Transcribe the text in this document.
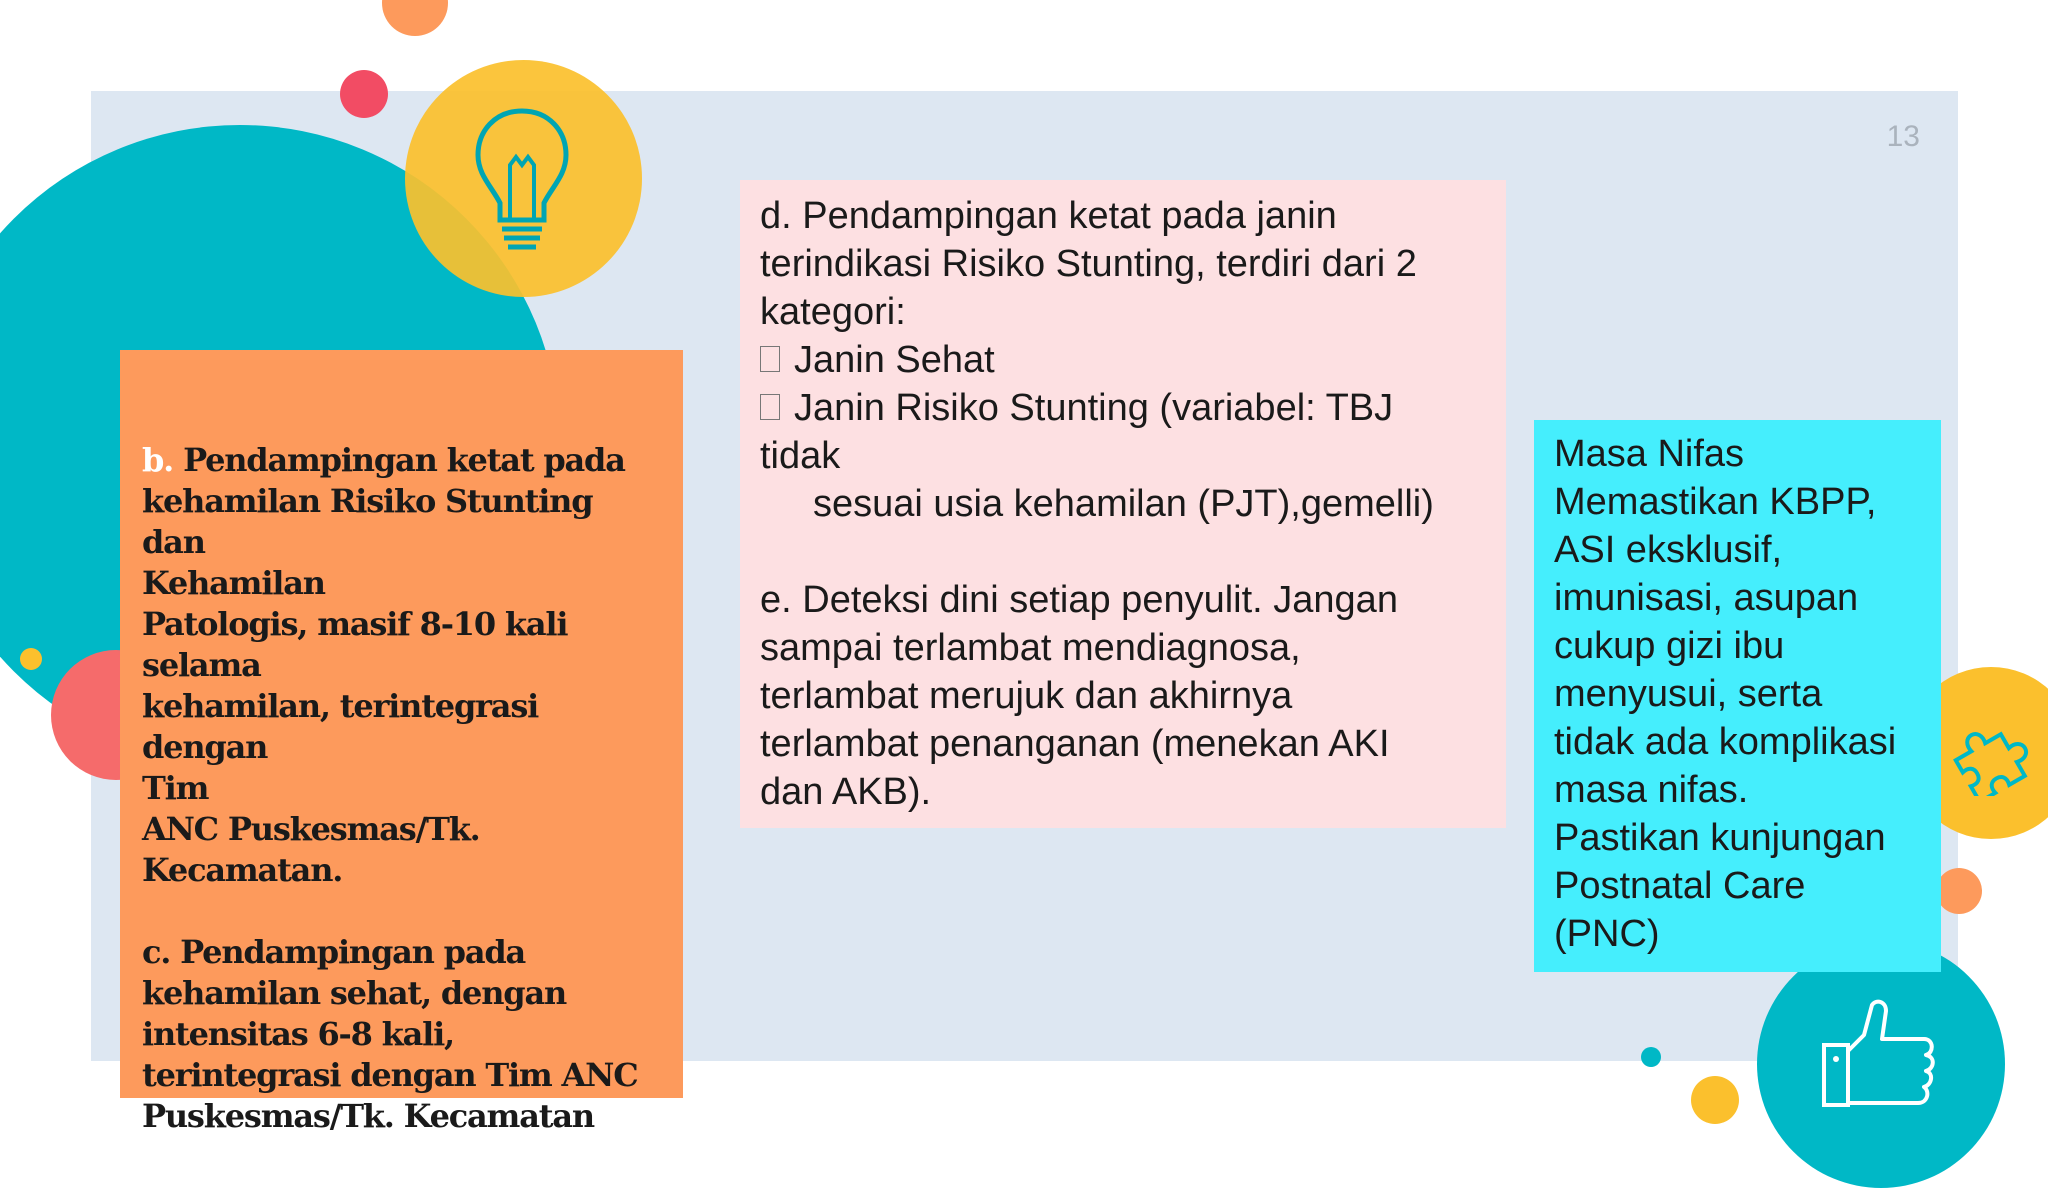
13

b. Pendampingan ketat pada
kehamilan Risiko Stunting dan
Kehamilan
Patologis, masif 8-10 kali selama
kehamilan, terintegrasi dengan
Tim
ANC Puskesmas/Tk.
Kecamatan.

c. Pendampingan pada
kehamilan sehat, dengan
intensitas 6-8 kali,
terintegrasi dengan Tim ANC
Puskesmas/Tk. Kecamatan

d. Pendampingan ketat pada janin
terindikasi Risiko Stunting, terdiri dari 2
kategori:

Janin Sehat

Janin Risiko Stunting (variabel: TBJ

tidak

sesuai usia kehamilan (PJT),gemelli)

e. Deteksi dini setiap penyulit. Jangan
sampai terlambat mendiagnosa,
terlambat merujuk dan akhirnya
terlambat penanganan (menekan AKI
dan AKB).

Masa Nifas
Memastikan KBPP,
ASI eksklusif,
imunisasi, asupan
cukup gizi ibu
menyusui, serta
tidak ada komplikasi
masa nifas.
Pastikan kunjungan
Postnatal Care
(PNC)
